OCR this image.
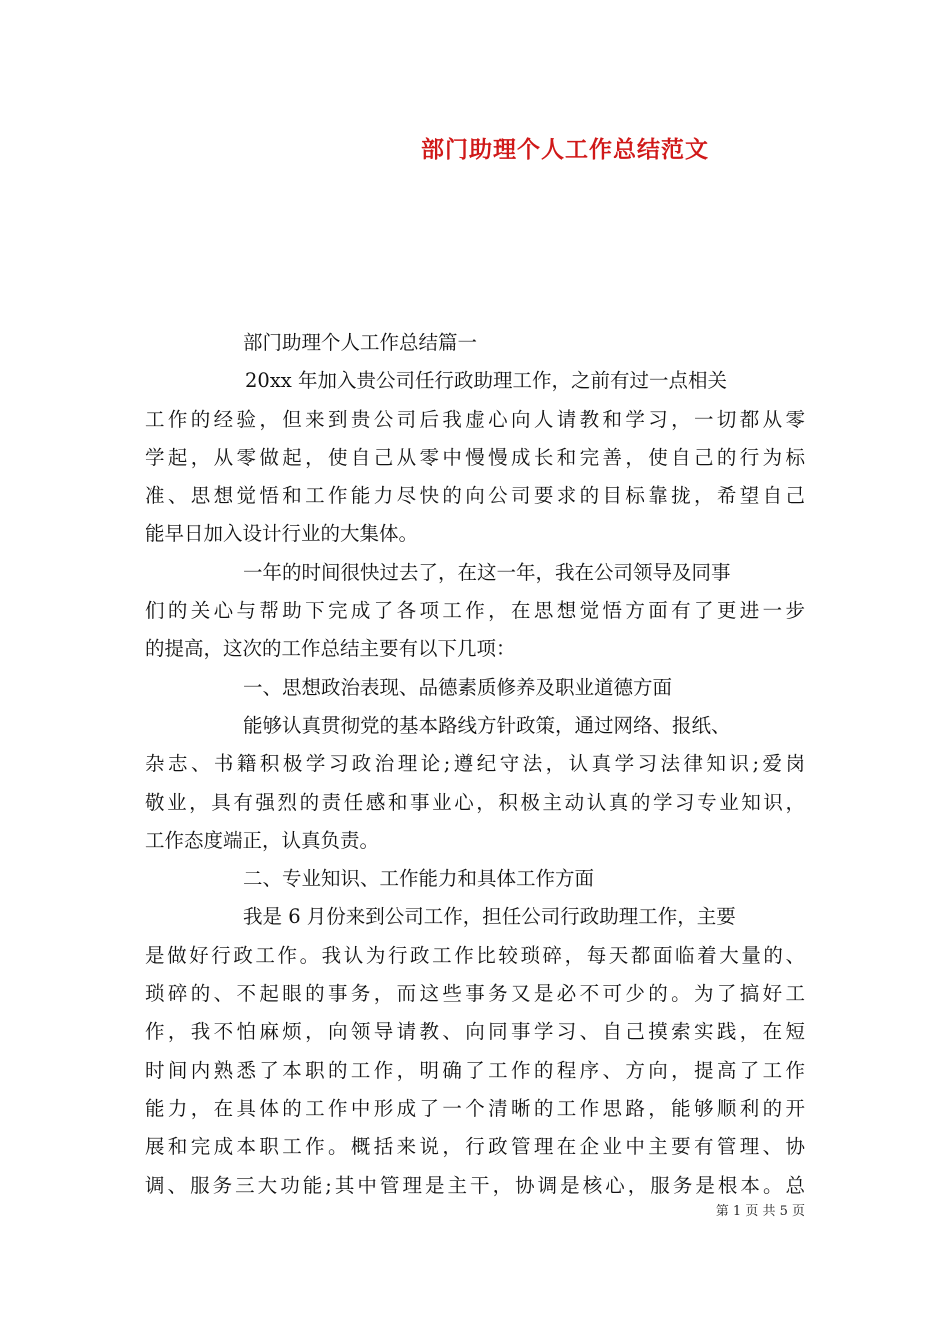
部门助理个人工作总结范文
部门助理个人工作总结篇一
20xx 年加入贵公司任行政助理工作，之前有过一点相关
工作的经验，但来到贵公司后我虚心向人请教和学习，一切都从零
学起，从零做起，使自己从零中慢慢成长和完善，使自己的行为标
准、思想觉悟和工作能力尽快的向公司要求的目标靠拢，希望自己
能早日加入设计行业的大集体。
一年的时间很快过去了，在这一年，我在公司领导及同事
们的关心与帮助下完成了各项工作，在思想觉悟方面有了更进一步
的提高，这次的工作总结主要有以下几项：
一、思想政治表现、品德素质修养及职业道德方面
能够认真贯彻党的基本路线方针政策，通过网络、报纸、
杂志、书籍积极学习政治理论;遵纪守法，认真学习法律知识;爱岗
敬业，具有强烈的责任感和事业心，积极主动认真的学习专业知识，
工作态度端正，认真负责。
二、专业知识、工作能力和具体工作方面
我是 6 月份来到公司工作，担任公司行政助理工作，主要
是做好行政工作。我认为行政工作比较琐碎，每天都面临着大量的、
琐碎的、不起眼的事务，而这些事务又是必不可少的。为了搞好工
作，我不怕麻烦，向领导请教、向同事学习、自己摸索实践，在短
时间内熟悉了本职的工作，明确了工作的程序、方向，提高了工作
能力，在具体的工作中形成了一个清晰的工作思路，能够顺利的开
展和完成本职工作。概括来说，行政管理在企业中主要有管理、协
调、服务三大功能;其中管理是主干，协调是核心，服务是根本。总
第 1 页 共 5 页
